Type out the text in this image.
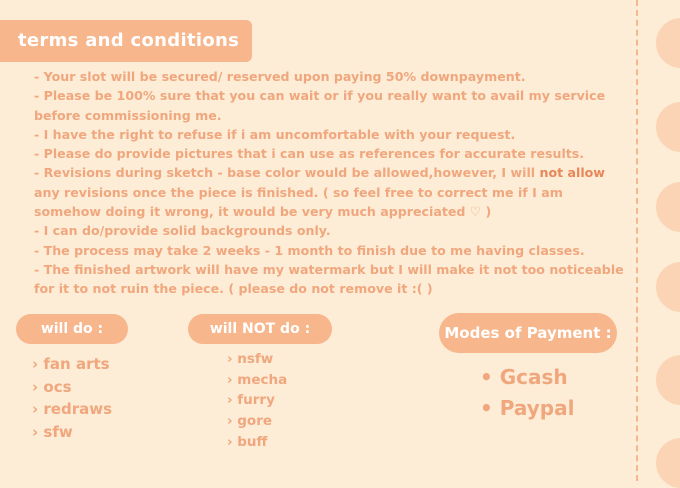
terms and conditions

- Your slot will be secured/ reserved upon paying 50% downpayment.

- Please be 100% sure that you can wait or if you really want to avail my service before commissioning me.

- I have the right to refuse if i am uncomfortable with your request.

- Please do provide pictures that i can use as references for accurate results.

- Revisions during sketch - base color would be allowed,however, I will not allow any revisions once the piece is finished. ( so feel free to correct me if I am somehow doing it wrong, it would be very much appreciated ♡ )

- I can do/provide solid backgrounds only.

- The process may take 2 weeks - 1 month to finish due to me having classes.

- The finished artwork will have my watermark but I will make it not too noticeable for it to not ruin the piece. ( please do not remove it :( )

will do :
› fan arts
› ocs
› redraws
› sfw
will NOT do :
› nsfw
› mecha
› furry
› gore
› buff
Modes of Payment :
• Gcash
• Paypal
